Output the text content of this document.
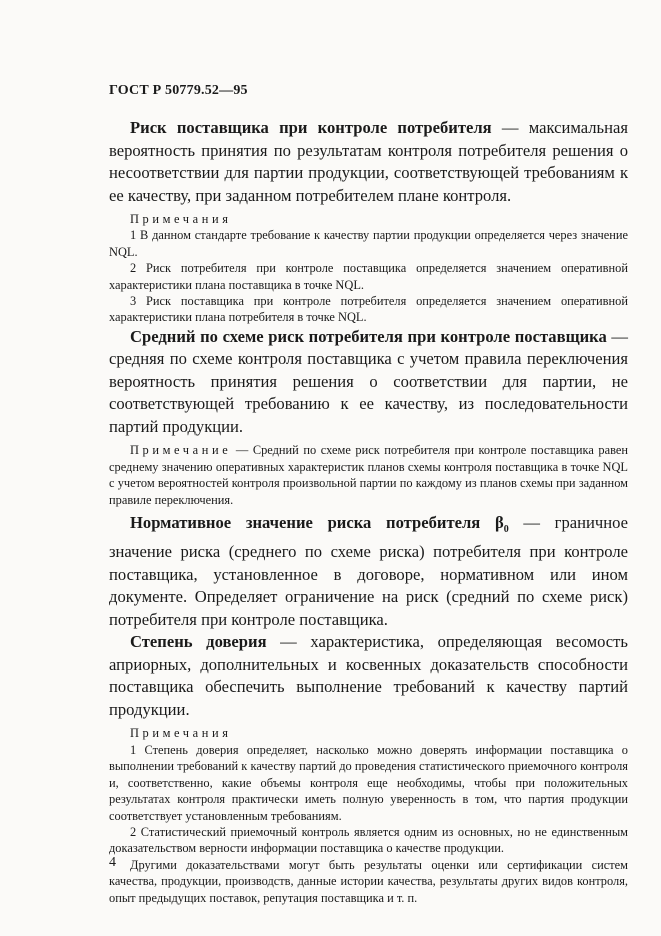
ГОСТ Р 50779.52—95

Риск поставщика при контроле потребителя — максимальная вероятность принятия по результатам контроля потребителя решения о несоответствии для партии продукции, соответствующей требованиям к ее качеству, при заданном потребителем плане контроля.

Примечания

1 В данном стандарте требование к качеству партии продукции определяется через значение NQL.

2 Риск потребителя при контроле поставщика определяется значением оперативной характеристики плана поставщика в точке NQL.

3 Риск поставщика при контроле потребителя определяется значением оперативной характеристики плана потребителя в точке NQL.

Средний по схеме риск потребителя при контроле поставщика — средняя по схеме контроля поставщика с учетом правила переключения вероятность принятия решения о соответствии для партии, не соответствующей требованию к ее качеству, из последовательности партий продукции.

Примечание — Средний по схеме риск потребителя при контроле поставщика равен среднему значению оперативных характеристик планов схемы контроля поставщика в точке NQL с учетом вероятностей контроля произвольной партии по каждому из планов схемы при заданном правиле переключения.

Нормативное значение риска потребителя $\beta_0$ — граничное значение риска (среднего по схеме риска) потребителя при контроле поставщика, установленное в договоре, нормативном или ином документе. Определяет ограничение на риск (средний по схеме риск) потребителя при контроле поставщика.

Степень доверия — характеристика, определяющая весомость априорных, дополнительных и косвенных доказательств способности поставщика обеспечить выполнение требований к качеству партий продукции.

Примечания

1 Степень доверия определяет, насколько можно доверять информации поставщика о выполнении требований к качеству партий до проведения статистического приемочного контроля и, соответственно, какие объемы контроля еще необходимы, чтобы при положительных результатах контроля практически иметь полную уверенность в том, что партия продукции соответствует установленным требованиям.

2 Статистический приемочный контроль является одним из основных, но не единственным доказательством верности информации поставщика о качестве продукции.

Другими доказательствами могут быть результаты оценки или сертификации систем качества, продукции, производств, данные истории качества, результаты других видов контроля, опыт предыдущих поставок, репутация поставщика и т. п.

4
